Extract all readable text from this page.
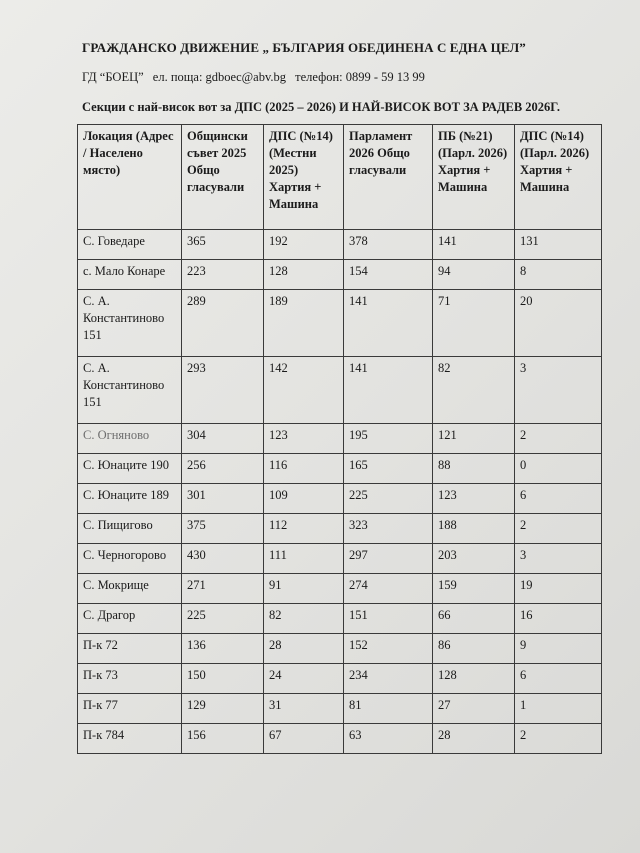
ГРАЖДАНСКО ДВИЖЕНИЕ „ БЪЛГАРИЯ ОБЕДИНЕНА С ЕДНА ЦЕЛ”
ГД “БОЕЦ” ел. поща: gdboec@abv.bg телефон: 0899 - 59 13 99
Секции с най-висок вот за ДПС (2025 – 2026) И НАЙ-ВИСОК ВОТ ЗА РАДЕВ 2026Г.
Локация (Адрес / Населено място)	Общински съвет 2025 Общо гласували	ДПС (№14) (Местни 2025) Хартия + Машина	Парламент 2026 Общо гласували	ПБ (№21) (Парл. 2026) Хартия + Машина	ДПС (№14) (Парл. 2026) Хартия + Машина
С. Говедаре	365	192	378	141	131
с. Мало Конаре	223	128	154	94	8
С. А. Константиново 151	289	189	141	71	20
С. А. Константиново 151	293	142	141	82	3
С. Огняново	304	123	195	121	2
С. Юнаците 190	256	116	165	88	0
С. Юнаците 189	301	109	225	123	6
С. Пищигово	375	112	323	188	2
С. Черногорово	430	111	297	203	3
С. Мокрище	271	91	274	159	19
С. Драгор	225	82	151	66	16
П-к 72	136	28	152	86	9
П-к 73	150	24	234	128	6
П-к 77	129	31	81	27	1
П-к 784	156	67	63	28	2
